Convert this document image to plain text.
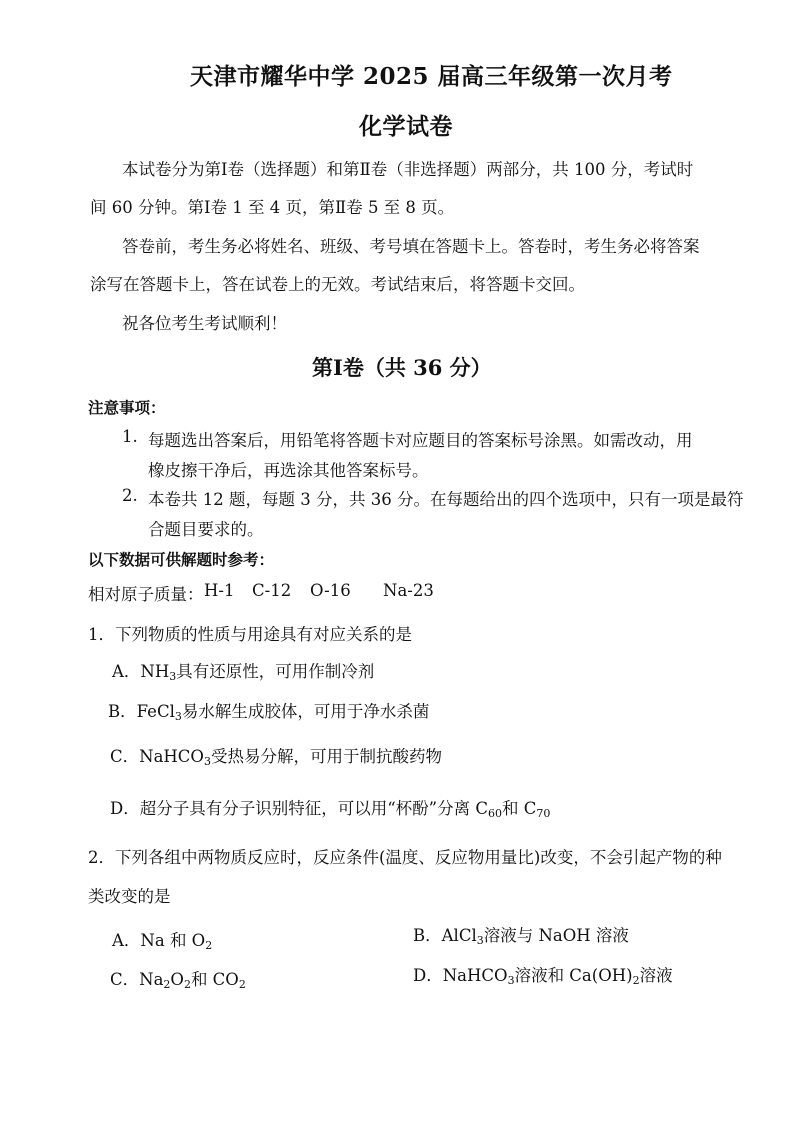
天津市耀华中学 2025 届高三年级第一次月考
化学试卷
本试卷分为第Ⅰ卷（选择题）和第Ⅱ卷（非选择题）两部分，共 100 分，考试时
间 60 分钟。第Ⅰ卷 1 至 4 页，第Ⅱ卷 5 至 8 页。
答卷前，考生务必将姓名、班级、考号填在答题卡上。答卷时，考生务必将答案
涂写在答题卡上，答在试卷上的无效。考试结束后，将答题卡交回。
祝各位考生考试顺利！
第Ⅰ卷（共 36 分）
注意事项：
1. 每题选出答案后，用铅笔将答题卡对应题目的答案标号涂黑。如需改动，用
橡皮擦干净后，再选涂其他答案标号。
2. 本卷共 12 题，每题 3 分，共 36 分。在每题给出的四个选项中，只有一项是最符
合题目要求的。
以下数据可供解题时参考：
相对原子质量： H-1 C-12 O-16 Na-23
1．下列物质的性质与用途具有对应关系的是
A．$NH_3$具有还原性，可用作制冷剂
B．FeCl$_3$易水解生成胶体，可用于净水杀菌
C．NaHCO$_3$受热易分解，可用于制抗酸药物
D．超分子具有分子识别特征，可以用“杯酚”分离 $C_{60}$和 $C_{70}$
2．下列各组中两物质反应时，反应条件(温度、反应物用量比)改变，不会引起产物的种
类改变的是
A．Na 和 $O_2$
B．AlCl$_3$溶液与 NaOH 溶液
C．$Na_2O_2$和 $CO_2$	D．NaHCO$_3$溶液和 $Ca(OH)_2$溶液
